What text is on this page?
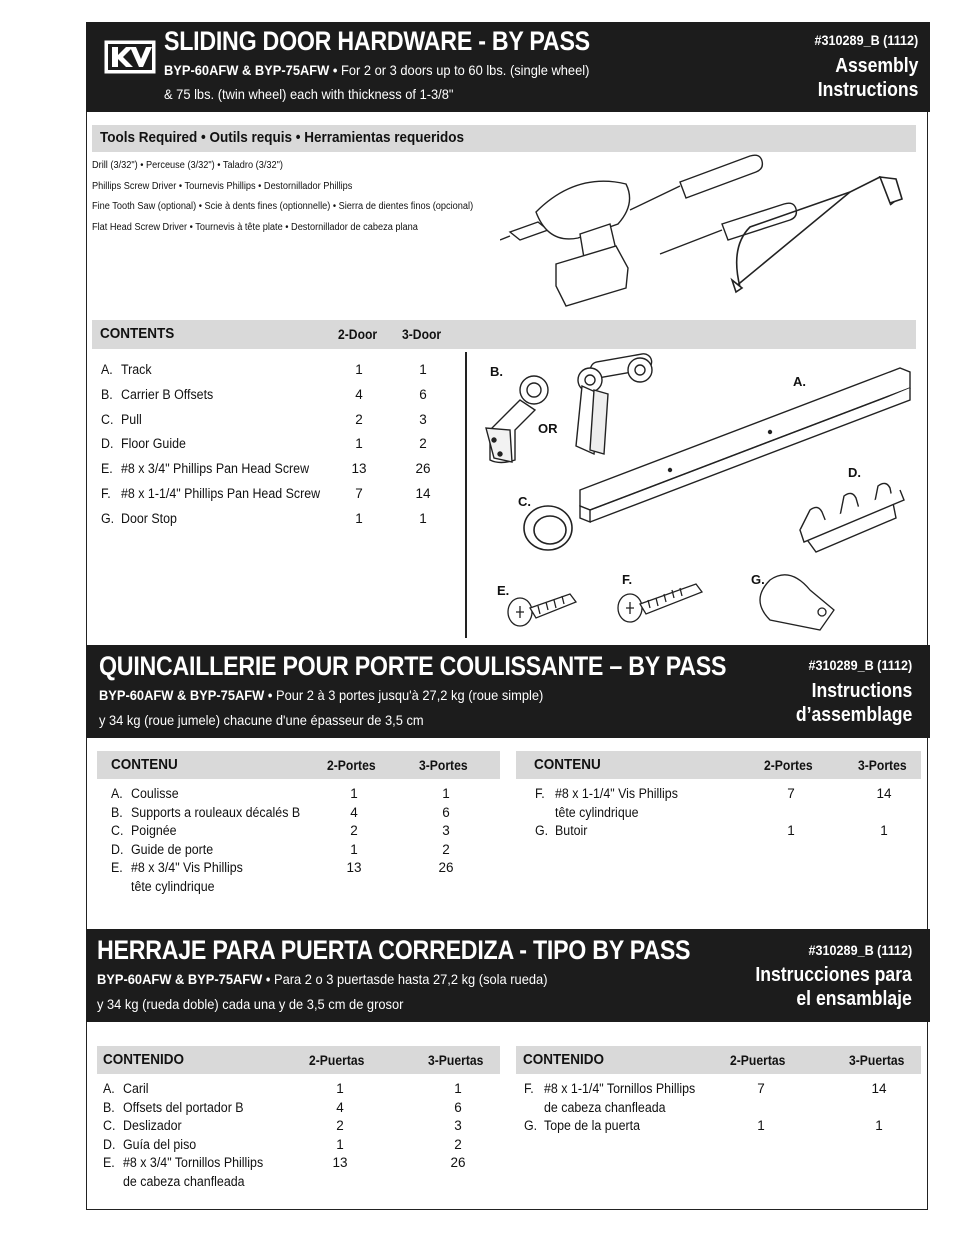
SLIDING DOOR HARDWARE - BY PASS
BYP-60AFW & BYP-75AFW • For 2 or 3 doors up to 60 lbs. (single wheel)
& 75 lbs. (twin wheel) each with thickness of 1-3/8"
#310289_B (1112)
Assembly
Instructions
Tools Required • Outils requis • Herramientas requeridos
Drill (3/32") • Perceuse (3/32") • Taladro (3/32")
Phillips Screw Driver • Tournevis Phillips • Destornillador Phillips
Fine Tooth Saw (optional) • Scie à dents fines (optionnelle) • Sierra de dientes finos (opcional)
Flat Head Screw Driver • Tournevis à tête plate • Destornillador de cabeza plana
CONTENTS	2-Door 3-Door
A. Track	1	1
B. Carrier B Offsets	4	6
C. Pull	2	3
D. Floor Guide	1	2
E. #8 x 3/4" Phillips Pan Head Screw	13	26
F. #8 x 1-1/4" Phillips Pan Head Screw	7	14
G. Door Stop	1	1
B.
OR
A.
D.
C.
E.
F.	G.
QUINCAILLERIE POUR PORTE COULISSANTE – BY PASS
BYP-60AFW & BYP-75AFW • Pour 2 à 3 portes jusqu'à 27,2 kg (roue simple)
y 34 kg (roue jumele) chacune d'une épasseur de 3,5 cm
#310289_B (1112)
Instructions
d’assemblage
CONTENU	2-Portes	3-Portes	CONTENU	2-Portes	3-Portes
A. Coulisse	1	1
B. Supports a rouleaux décalés B	4	6
C. Poignée	2	3
D. Guide de porte	1	2
E. #8 x 3/4" Vis Phillips	13	26
tête cylindrique
F. #8 x 1-1/4" Vis Phillips	7	14
tête cylindrique
G. Butoir	1	1
HERRAJE PARA PUERTA CORREDIZA - TIPO BY PASS
BYP-60AFW & BYP-75AFW • Para 2 o 3 puertasde hasta 27,2 kg (sola rueda)
y 34 kg (rueda doble) cada una y de 3,5 cm de grosor
#310289_B (1112)
Instrucciones para
el ensamblaje
CONTENIDO	2-Puertas	3-Puertas	CONTENIDO	2-Puertas	3-Puertas
A. Caril	1	1
B. Offsets del portador B	4	6
C. Deslizador	2	3
D. Guía del piso	1	2
E. #8 x 3/4" Tornillos Phillips	13	26
de cabeza chanfleada
F. #8 x 1-1/4" Tornillos Phillips	7	14
de cabeza chanfleada
G. Tope de la puerta	1	1
